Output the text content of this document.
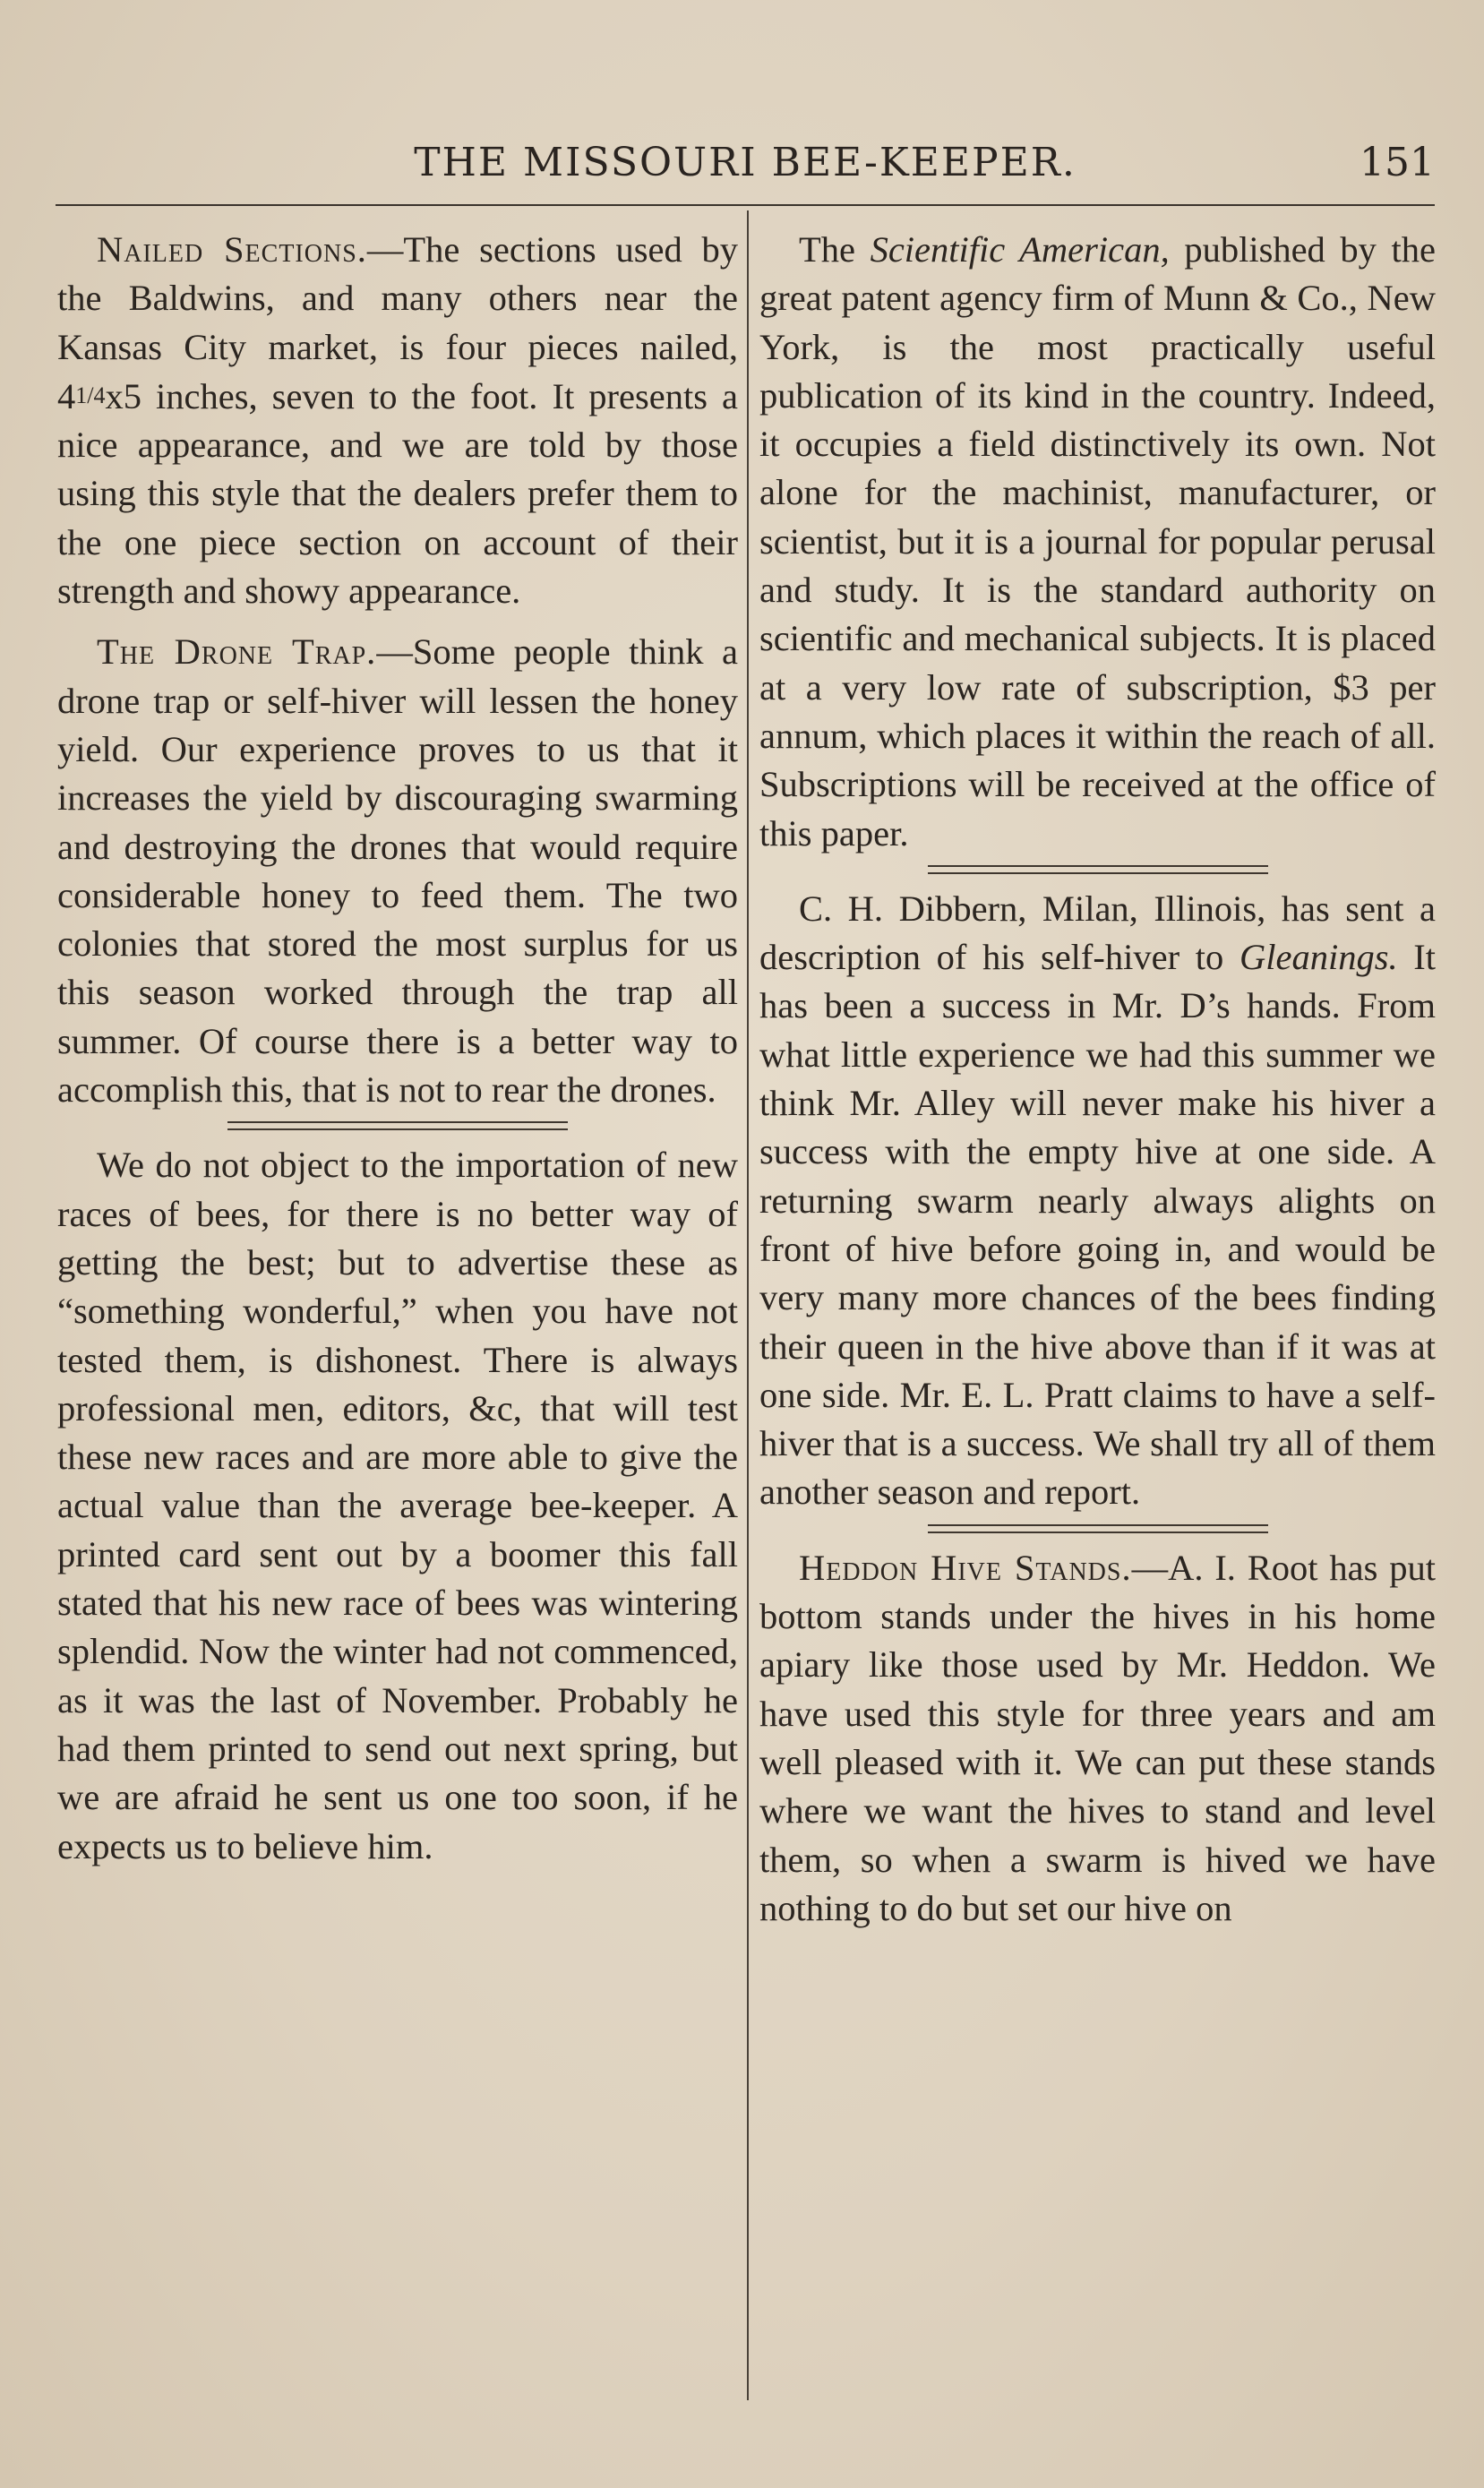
THE MISSOURI BEE-KEEPER.	151

Nailed Sections.—The sections used by the Baldwins, and many others near the Kansas City market, is four pieces nailed, 41/4x5 inches, seven to the foot. It presents a nice appearance, and we are told by those using this style that the dealers prefer them to the one piece section on account of their strength and showy appearance.

The Drone Trap.—Some people think a drone trap or self-hiver will lessen the honey yield. Our experience proves to us that it increases the yield by discouraging swarming and destroying the drones that would require considerable honey to feed them. The two colonies that stored the most surplus for us this season worked through the trap all summer. Of course there is a better way to accomplish this, that is not to rear the drones.

We do not object to the importation of new races of bees, for there is no better way of getting the best; but to advertise these as “something wonderful,” when you have not tested them, is dishonest. There is always professional men, editors, &c, that will test these new races and are more able to give the actual value than the average bee-keeper. A printed card sent out by a boomer this fall stated that his new race of bees was wintering splendid. Now the winter had not commenced, as it was the last of November. Probably he had them printed to send out next spring, but we are afraid he sent us one too soon, if he expects us to believe him.

The Scientific American, published by the great patent agency firm of Munn & Co., New York, is the most practically useful publication of its kind in the country. Indeed, it occupies a field distinctively its own. Not alone for the machinist, manufacturer, or scientist, but it is a journal for popular perusal and study. It is the standard authority on scientific and mechanical subjects. It is placed at a very low rate of subscription, $3 per annum, which places it within the reach of all. Subscriptions will be received at the office of this paper.

C. H. Dibbern, Milan, Illinois, has sent a description of his self-hiver to Gleanings. It has been a success in Mr. D’s hands. From what little experience we had this summer we think Mr. Alley will never make his hiver a success with the empty hive at one side. A returning swarm nearly always alights on front of hive before going in, and would be very many more chances of the bees finding their queen in the hive above than if it was at one side. Mr. E. L. Pratt claims to have a self-hiver that is a success. We shall try all of them another season and report.

Heddon Hive Stands.—A. I. Root has put bottom stands under the hives in his home apiary like those used by Mr. Heddon. We have used this style for three years and am well pleased with it. We can put these stands where we want the hives to stand and level them, so when a swarm is hived we have nothing to do but set our hive on
